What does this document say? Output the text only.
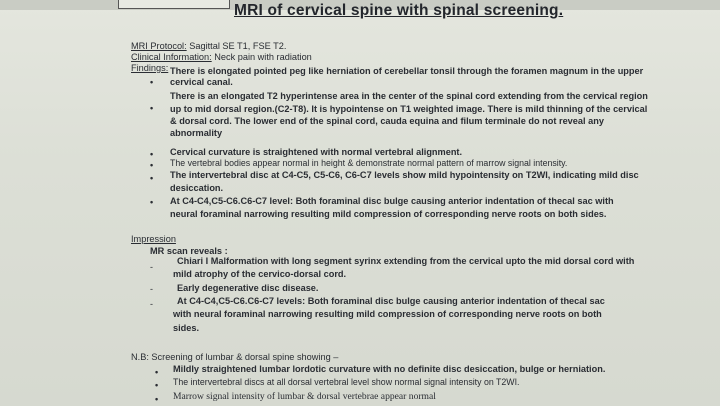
MRI of cervical spine with spinal screening.
MRI Protocol: Sagittal SE T1, FSE T2.
Clinical Information: Neck pain with radiation
Findings:
•
There is elongated pointed peg like herniation of cerebellar tonsil through the foramen magnum in the upper
cervical canal.
•
There is an elongated T2 hyperintense area in the center of the spinal cord extending from the cervical region
up to mid dorsal region.(C2-T8). It is hypointense on T1 weighted image. There is mild thinning of the cervical
& dorsal cord. The lower end of the spinal cord, cauda equina and filum terminale do not reveal any
abnormality
• Cervical curvature is straightened with normal vertebral alignment.
• The vertebral bodies appear normal in height & demonstrate normal pattern of marrow signal intensity.
• The intervertebral disc at C4-C5, C5-C6, C6-C7 levels show mild hypointensity on T2WI, indicating mild disc
desiccation.
• At C4-C4,C5-C6.C6-C7 level: Both foraminal disc bulge causing anterior indentation of thecal sac with
neural foraminal narrowing resulting mild compression of corresponding nerve roots on both sides.
Impression
MR scan reveals :
-
Chiari I Malformation with long segment syrinx extending from the cervical upto the mid dorsal cord with
mild atrophy of the cervico-dorsal cord.
-	Early degenerative disc disease.
-	At C4-C4,C5-C6.C6-C7 levels: Both foraminal disc bulge causing anterior indentation of thecal sac
with neural foraminal narrowing resulting mild compression of corresponding nerve roots on both
sides.
N.B: Screening of lumbar & dorsal spine showing –
• Mildly straightened lumbar lordotic curvature with no definite disc desiccation, bulge or herniation.
• The intervertebral discs at all dorsal vertebral level show normal signal intensity on T2WI.
• Marrow signal intensity of lumbar & dorsal vertebrae appear normal
